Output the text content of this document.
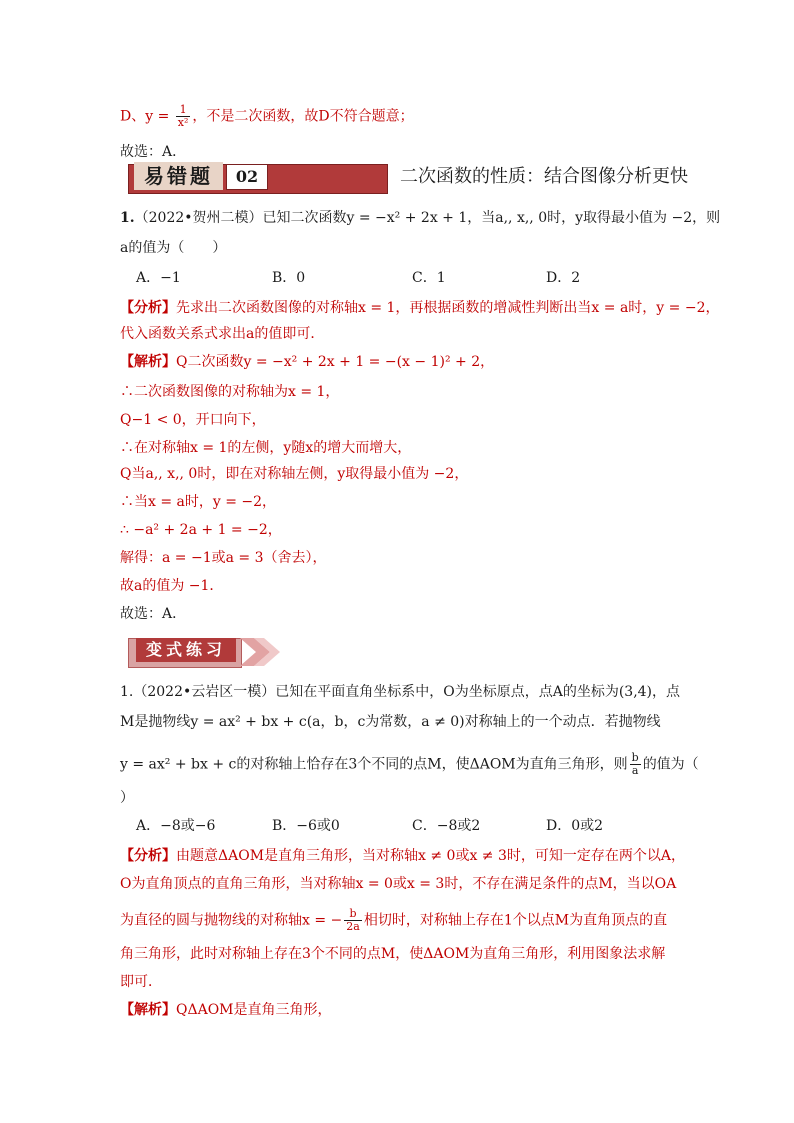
D、$y = \frac{1}{\text{x²}}$ ，不是二次函数，故D不符合题意；
故选：A．
易错题	02	二次函数的性质：结合图像分析更快
1.（2022•贺州二模）已知二次函数y = −x² + 2x + 1，当a,, x,, 0时，y取得最小值为 −2，则
a的值为（　　）
A．−1	B．0	C．1	D．2
【分析】先求出二次函数图像的对称轴x = 1，再根据函数的增减性判断出当x = a时，y = −2，
代入函数关系式求出a的值即可．
【解析】Q二次函数y = −x² + 2x + 1 = −(x − 1)² + 2，
∴二次函数图像的对称轴为x = 1，
Q−1 < 0，开口向下，
∴在对称轴x = 1的左侧，y随x的增大而增大，
Q当a,, x,, 0时，即在对称轴左侧，y取得最小值为 −2，
∴当x = a时，y = −2，
∴ −a² + 2a + 1 = −2，
解得：a = −1或a = 3（舍去），
故a的值为 −1．
故选：A．
变式练习
1.（2022•云岩区一模）已知在平面直角坐标系中，O为坐标原点，点A的坐标为(3,4)，点
M是抛物线y = ax² + bx + c(a，b，c为常数，a ≠ 0)对称轴上的一个动点．若抛物线
y = ax² + bx + c的对称轴上恰存在3个不同的点M，使ΔAOM为直角三角形，则 $\frac{b}{a}$ 的值为（
）
A．−8或−6	B．−6或0	C．−8或2	D．0或2
【分析】由题意ΔAOM是直角三角形，当对称轴x ≠ 0或x ≠ 3时，可知一定存在两个以A，
O为直角顶点的直角三角形，当对称轴x = 0或x = 3时，不存在满足条件的点M，当以OA
为直径的圆与抛物线的对称轴x = − $\frac{b}{2a}$ 相切时，对称轴上存在1个以点M为直角顶点的直
角三角形，此时对称轴上存在3个不同的点M，使ΔAOM为直角三角形，利用图象法求解
即可．
【解析】QΔAOM是直角三角形，
